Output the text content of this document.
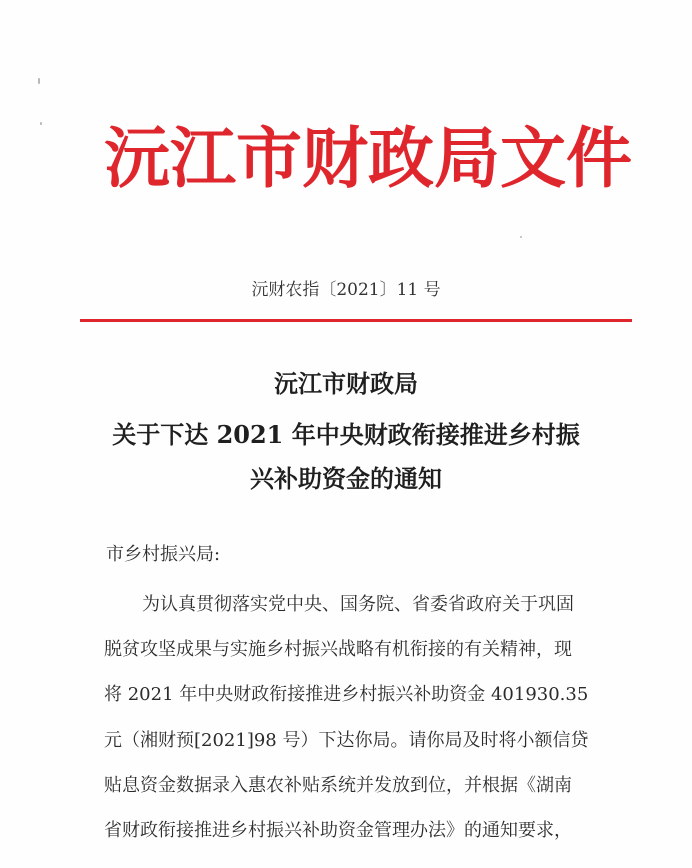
沅江市财政局文件
沅财农指〔2021〕11 号
沅江市财政局
关于下达 2021 年中央财政衔接推进乡村振
兴补助资金的通知
市乡村振兴局:
为认真贯彻落实党中央、国务院、省委省政府关于巩固
脱贫攻坚成果与实施乡村振兴战略有机衔接的有关精神，现
将 2021 年中央财政衔接推进乡村振兴补助资金 401930.35
元（湘财预[2021]98 号）下达你局。请你局及时将小额信贷
贴息资金数据录入惠农补贴系统并发放到位，并根据《湖南
省财政衔接推进乡村振兴补助资金管理办法》的通知要求，
